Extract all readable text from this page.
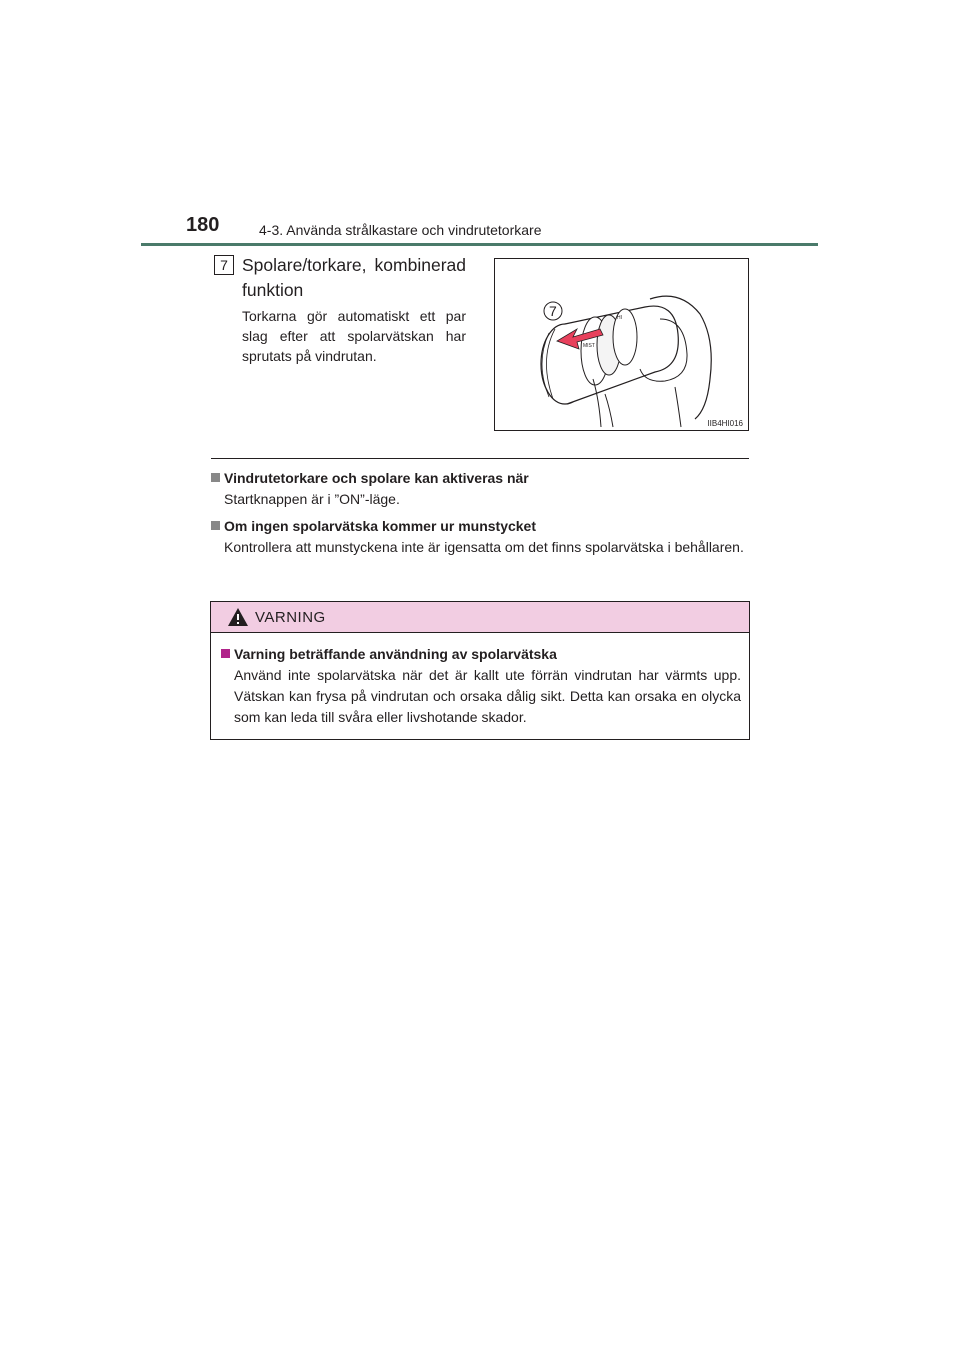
180	4-3. Använda strålkastare och vindrutetorkare
7 Spolare/torkare, kombinerad funktion
Torkarna gör automatiskt ett par slag efter att spolarvätskan har sprutats på vindrutan.
MIST
HI
7
IIB4HI016
Vindrutetorkare och spolare kan aktiveras när
Startknappen är i ”ON”-läge.
Om ingen spolarvätska kommer ur munstycket
Kontrollera att munstyckena inte är igensatta om det finns spolarvätska i behållaren.
VARNING
Varning beträffande användning av spolarvätska
Använd inte spolarvätska när det är kallt ute förrän vindrutan har värmts upp. Vätskan kan frysa på vindrutan och orsaka dålig sikt. Detta kan orsaka en olycka som kan leda till svåra eller livshotande skador.
